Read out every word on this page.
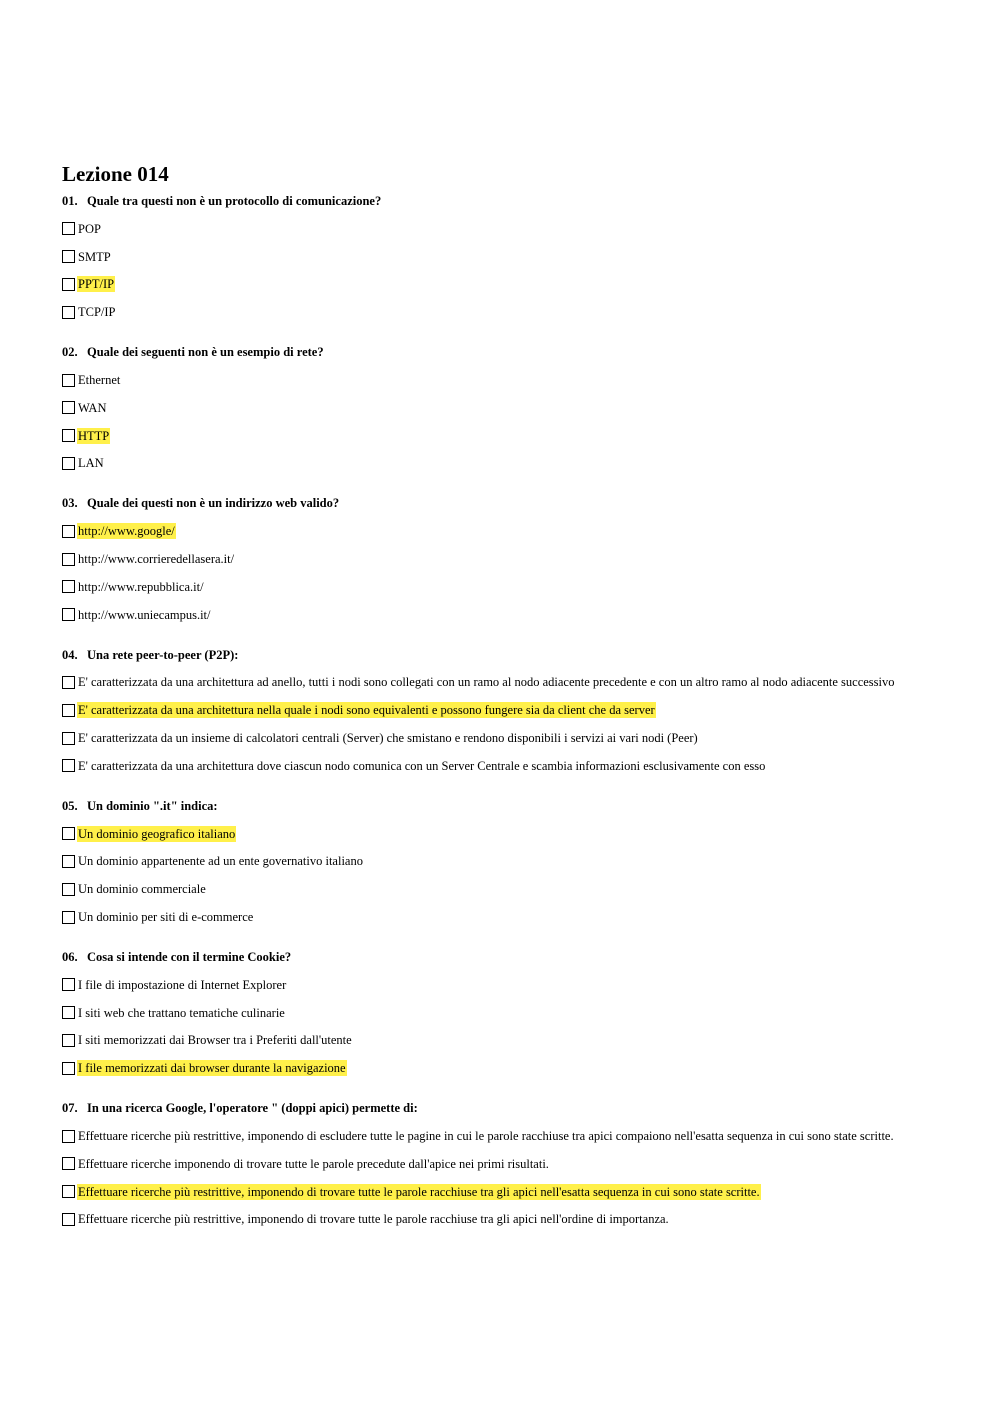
Lezione 014
01. Quale tra questi non è un protocollo di comunicazione?
POP
SMTP
PPT/IP
TCP/IP
02. Quale dei seguenti non è un esempio di rete?
Ethernet
WAN
HTTP
LAN
03. Quale dei questi non è un indirizzo web valido?
http://www.google/
http://www.corrieredellasera.it/
http://www.repubblica.it/
http://www.uniecampus.it/
04. Una rete peer-to-peer (P2P):
E' caratterizzata da una architettura ad anello, tutti i nodi sono collegati con un ramo al nodo adiacente precedente e con un altro ramo al nodo adiacente successivo
E' caratterizzata da una architettura nella quale i nodi sono equivalenti e possono fungere sia da client che da server
E' caratterizzata da un insieme di calcolatori centrali (Server) che smistano e rendono disponibili i servizi ai vari nodi (Peer)
E' caratterizzata da una architettura dove ciascun nodo comunica con un Server Centrale e scambia informazioni esclusivamente con esso
05. Un dominio ".it" indica:
Un dominio geografico italiano
Un dominio appartenente ad un ente governativo italiano
Un dominio commerciale
Un dominio per siti di e-commerce
06. Cosa si intende con il termine Cookie?
I file di impostazione di Internet Explorer
I siti web che trattano tematiche culinarie
I siti memorizzati dai Browser tra i Preferiti dall'utente
I file memorizzati dai browser durante la navigazione
07. In una ricerca Google, l'operatore " (doppi apici) permette di:
Effettuare ricerche più restrittive, imponendo di escludere tutte le pagine in cui le parole racchiuse tra apici compaiono nell'esatta sequenza in cui sono state scritte.
Effettuare ricerche imponendo di trovare tutte le parole precedute dall'apice nei primi risultati.
Effettuare ricerche più restrittive, imponendo di trovare tutte le parole racchiuse tra gli apici nell'esatta sequenza in cui sono state scritte.
Effettuare ricerche più restrittive, imponendo di trovare tutte le parole racchiuse tra gli apici nell'ordine di importanza.
